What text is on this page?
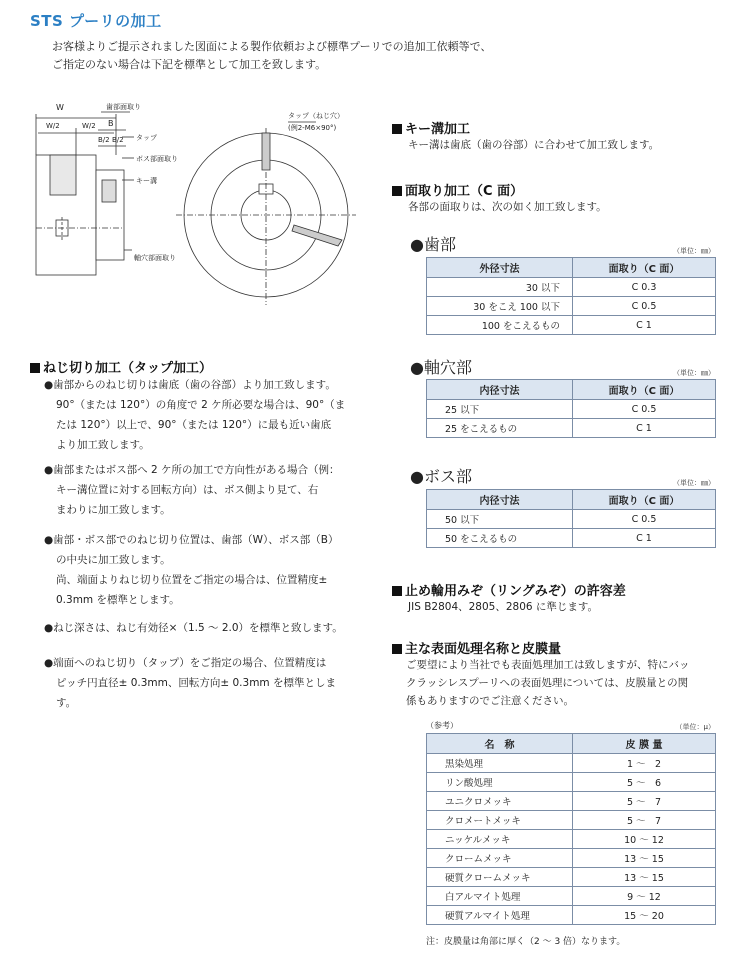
STS プーリの加工
お客様よりご提示されました図面による製作依頼および標準プーリでの追加工依頼等で、
ご指定のない場合は下記を標準として加工を致します。
W
W/2	W/2 B
B/2 B/2
歯部面取り
タップ
ボス部面取り
キー溝
軸穴部面取り
タップ（ねじ穴）
(例2-M6×90°)	キー溝加工
キー溝は歯底（歯の谷部）に合わせて加工致します。
面取り加工（C 面）
各部の面取りは、次の如く加工致します。
●歯部	（単位：㎜）
外径寸法	面取り（C 面）
30 以下	C 0.3
30 をこえ 100 以下	C 0.5
100 をこえるもの	C 1
●軸穴部	（単位：㎜）
内径寸法	面取り（C 面）
25 以下	C 0.5
25 をこえるもの	C 1
●ボス部	（単位：㎜）
内径寸法	面取り（C 面）
50 以下	C 0.5
50 をこえるもの	C 1
ねじ切り加工（タップ加工）
●歯部からのねじ切りは歯底（歯の谷部）より加工致します。
90°（または 120°）の角度で 2 ケ所必要な場合は、90°（ま
たは 120°）以上で、90°（または 120°）に最も近い歯底
より加工致します。
●歯部またはボス部へ 2 ケ所の加工で方向性がある場合（例：
キー溝位置に対する回転方向）は、ボス側より見て、右
まわりに加工致します。
●歯部・ボス部でのねじ切り位置は、歯部（W）、ボス部（B）
の中央に加工致します。
尚、端面よりねじ切り位置をご指定の場合は、位置精度±
0.3mm を標準とします。
●ねじ深さは、ねじ有効径×（1.5 ～ 2.0）を標準と致します。
●端面へのねじ切り（タップ）をご指定の場合、位置精度は
ピッチ円直径± 0.3mm、回転方向± 0.3mm を標準としま
す。
止め輪用みぞ（リングみぞ）の許容差
JIS B2804、2805、2806 に準じます。
主な表面処理名称と皮膜量
ご要望により当社でも表面処理加工は致しますが、特にバッ
クラッシレスプーリへの表面処理については、皮膜量との関
係もありますのでご注意ください。
（参考）	（単位：μ）
名　称	皮 膜 量
黒染処理	1 ～　2
リン酸処理	5 ～　6
ユニクロメッキ	5 ～　7
クロメートメッキ	5 ～　7
ニッケルメッキ	10 ～ 12
クロームメッキ	13 ～ 15
硬質クロームメッキ	13 ～ 15
白アルマイト処理	9 ～ 12
硬質アルマイト処理	15 ～ 20
注：皮膜量は角部に厚く（2 ～ 3 倍）なります。
